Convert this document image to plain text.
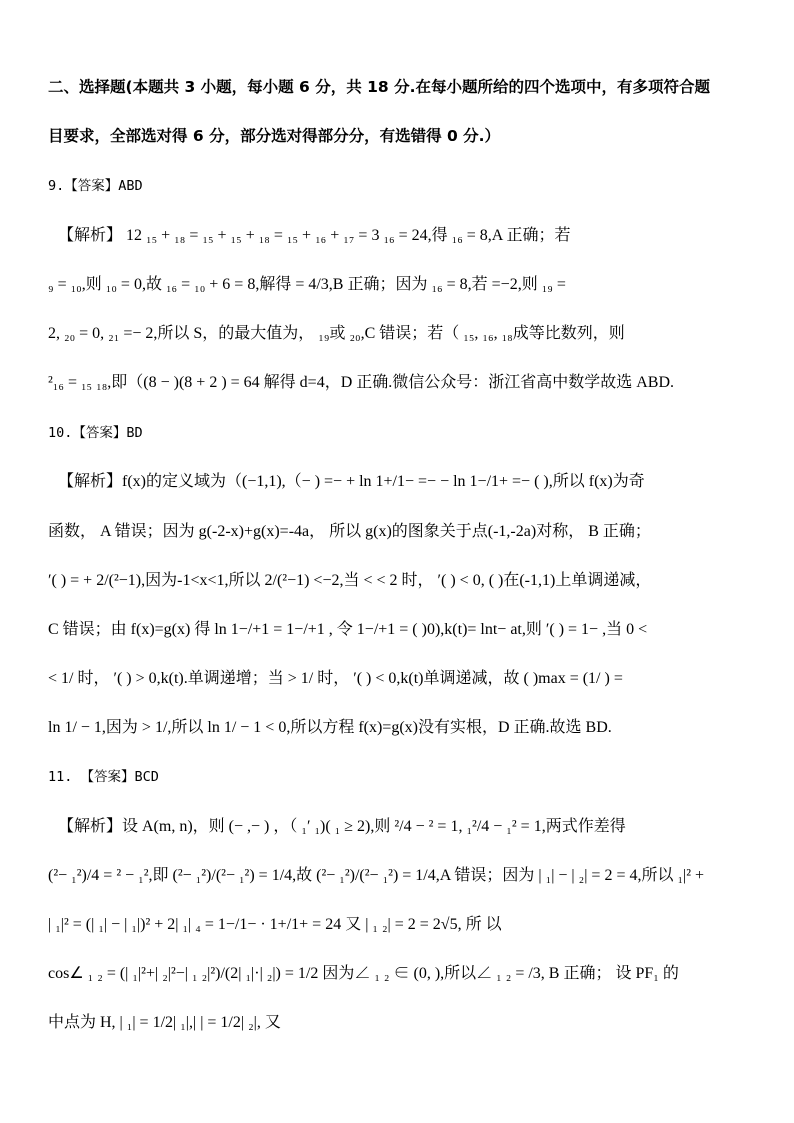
二、选择题(本题共 3 小题，每小题 6 分，共 18 分.在每小题所给的四个选项中，有多项符合题
目要求，全部选对得 6 分，部分选对得部分分，有选错得 0 分.）
9.【答案】ABD
【解析】 12 ₁₅ + ₁₈ = ₁₅ + ₁₅ + ₁₈ = ₁₅ + ₁₆ + ₁₇ = 3 ₁₆ = 24,得 ₁₆ = 8,A 正确；若
₉ = ₁₀,则 ₁₀ = 0,故 ₁₆ = ₁₀ + 6 = 8,解得 = 4/3,B 正确；因为 ₁₆ = 8,若 =−2,则 ₁₉ =
2, ₂₀ = 0, ₂₁ =− 2,所以 S，的最大值为， ₁₉或 ₂₀,C 错误；若（ ₁₅, ₁₆, ₁₈成等比数列，则
²₁₆ = ₁₅ ₁₈,即（(8 − )(8 + 2 ) = 64 解得 d=4，D 正确.微信公众号：浙江省高中数学故选 ABD.
10.【答案】BD
【解析】f(x)的定义域为（(−1,1),（− ) =− + ln 1+/1− =− − ln 1−/1+ =− ( ),所以 f(x)为奇
函数， A 错误；因为 g(-2-x)+g(x)=-4a， 所以 g(x)的图象关于点(-1,-2a)对称， B 正确；
′( ) = + 2/(²−1),因为-1<x<1,所以 2/(²−1) <−2,当 < < 2 时， ′( ) < 0, ( )在(-1,1)上单调递减，
C 错误；由 f(x)=g(x) 得 ln 1−/+1 = 1−/+1 , 令 1−/+1 = ( )0),k(t)= lnt− at,则 ′( ) = 1− ,当 0 <
< 1/ 时， ′( ) > 0,k(t).单调递增；当 > 1/ 时， ′( ) < 0,k(t)单调递减，故 ( )max = (1/ ) =
ln 1/ − 1,因为 > 1/,所以 ln 1/ − 1 < 0,所以方程 f(x)=g(x)没有实根，D 正确.故选 BD.
11. 【答案】BCD
【解析】设 A(m, n)，则 (− ,− ) ，（ ₁′ ₁)( ₁ ≥ 2),则 ²/4 − ² = 1, ₁²/4 − ₁² = 1,两式作差得
(²− ₁²)/4 = ² − ₁²,即 (²− ₁²)/(²− ₁²) = 1/4,故 (²− ₁²)/(²− ₁²) = 1/4,A 错误；因为 | ₁| − | ₂| = 2 = 4,所以 ₁|² +
| ₁|² = (| ₁| − | ₁|)² + 2| ₁| ₄ = 1−/1− · 1+/1+ = 24 又 | ₁ ₂| = 2 = 2√5, 所 以
cos∠ ₁ ₂ = (| ₁|²+| ₂|²−| ₁ ₂|²)/(2| ₁|·| ₂|) = 1/2 因为∠ ₁ ₂ ∈ (0, ),所以∠ ₁ ₂ = /3, B 正确； 设 PF₁ 的
中点为 H, | ₁| = 1/2| ₁|,| | = 1/2| ₂|, 又
